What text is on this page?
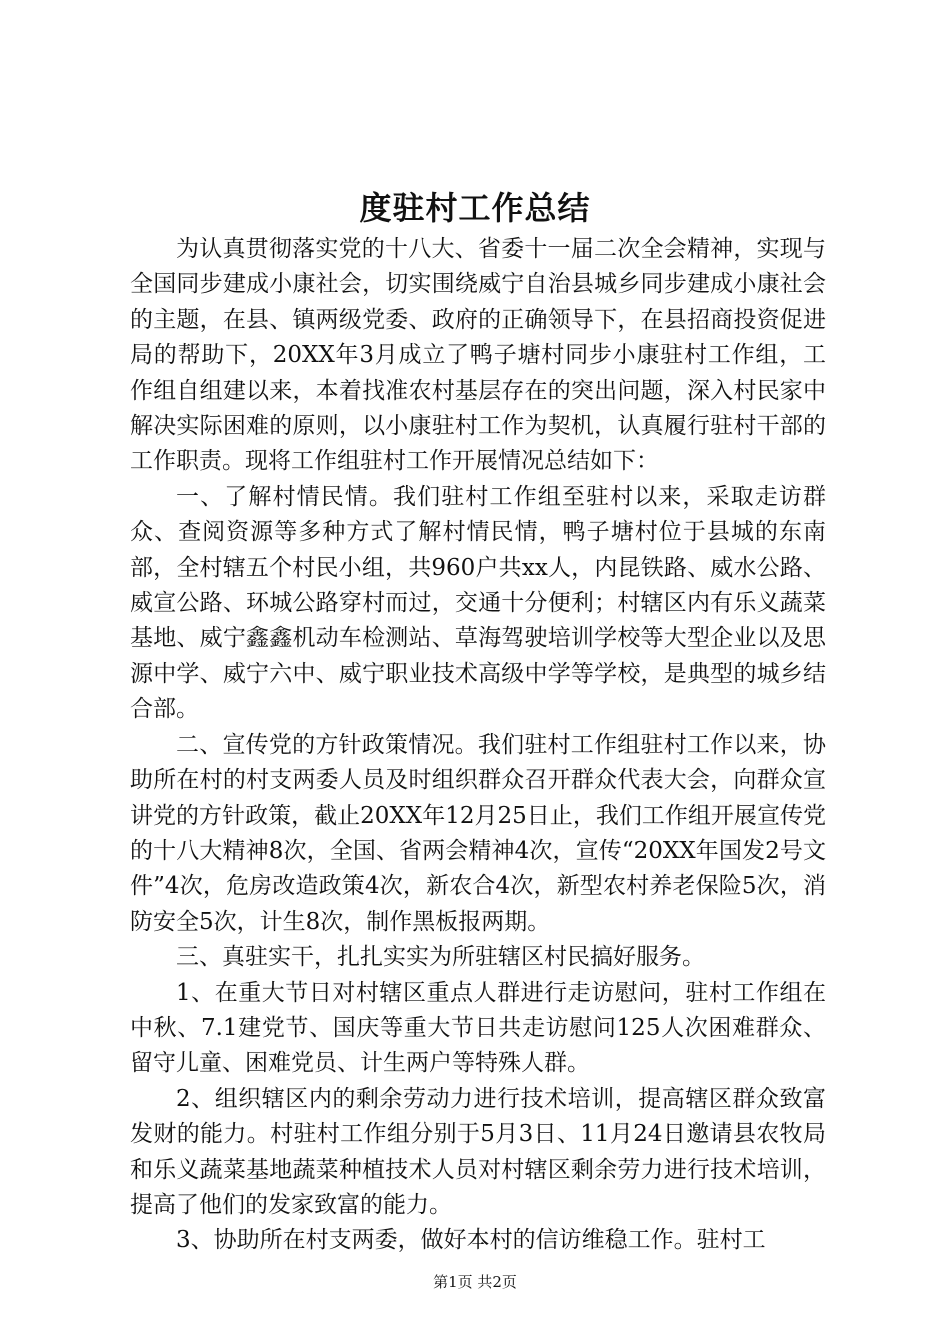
度驻村工作总结

为认真贯彻落实党的十八大、省委十一届二次全会精神，实现与全国同步建成小康社会，切实围绕威宁自治县城乡同步建成小康社会的主题，在县、镇两级党委、政府的正确领导下，在县招商投资促进局的帮助下，20XX年3月成立了鸭子塘村同步小康驻村工作组，工作组自组建以来，本着找准农村基层存在的突出问题，深入村民家中解决实际困难的原则，以小康驻村工作为契机，认真履行驻村干部的工作职责。现将工作组驻村工作开展情况总结如下：

一、了解村情民情。我们驻村工作组至驻村以来，采取走访群众、查阅资源等多种方式了解村情民情，鸭子塘村位于县城的东南部，全村辖五个村民小组，共960户共xx人，内昆铁路、威水公路、威宣公路、环城公路穿村而过，交通十分便利；村辖区内有乐义蔬菜基地、威宁鑫鑫机动车检测站、草海驾驶培训学校等大型企业以及思源中学、威宁六中、威宁职业技术高级中学等学校，是典型的城乡结合部。

二、宣传党的方针政策情况。我们驻村工作组驻村工作以来，协助所在村的村支两委人员及时组织群众召开群众代表大会，向群众宣讲党的方针政策，截止20XX年12月25日止，我们工作组开展宣传党的十八大精神8次，全国、省两会精神4次，宣传“20XX年国发2号文件”4次，危房改造政策4次，新农合4次，新型农村养老保险5次，消防安全5次，计生8次，制作黑板报两期。

三、真驻实干，扎扎实实为所驻辖区村民搞好服务。

1、在重大节日对村辖区重点人群进行走访慰问，驻村工作组在中秋、7.1建党节、国庆等重大节日共走访慰问125人次困难群众、留守儿童、困难党员、计生两户等特殊人群。

2、组织辖区内的剩余劳动力进行技术培训，提高辖区群众致富发财的能力。村驻村工作组分别于5月3日、11月24日邀请县农牧局和乐义蔬菜基地蔬菜种植技术人员对村辖区剩余劳力进行技术培训，提高了他们的发家致富的能力。

3、协助所在村支两委，做好本村的信访维稳工作。驻村工

第1页 共2页
